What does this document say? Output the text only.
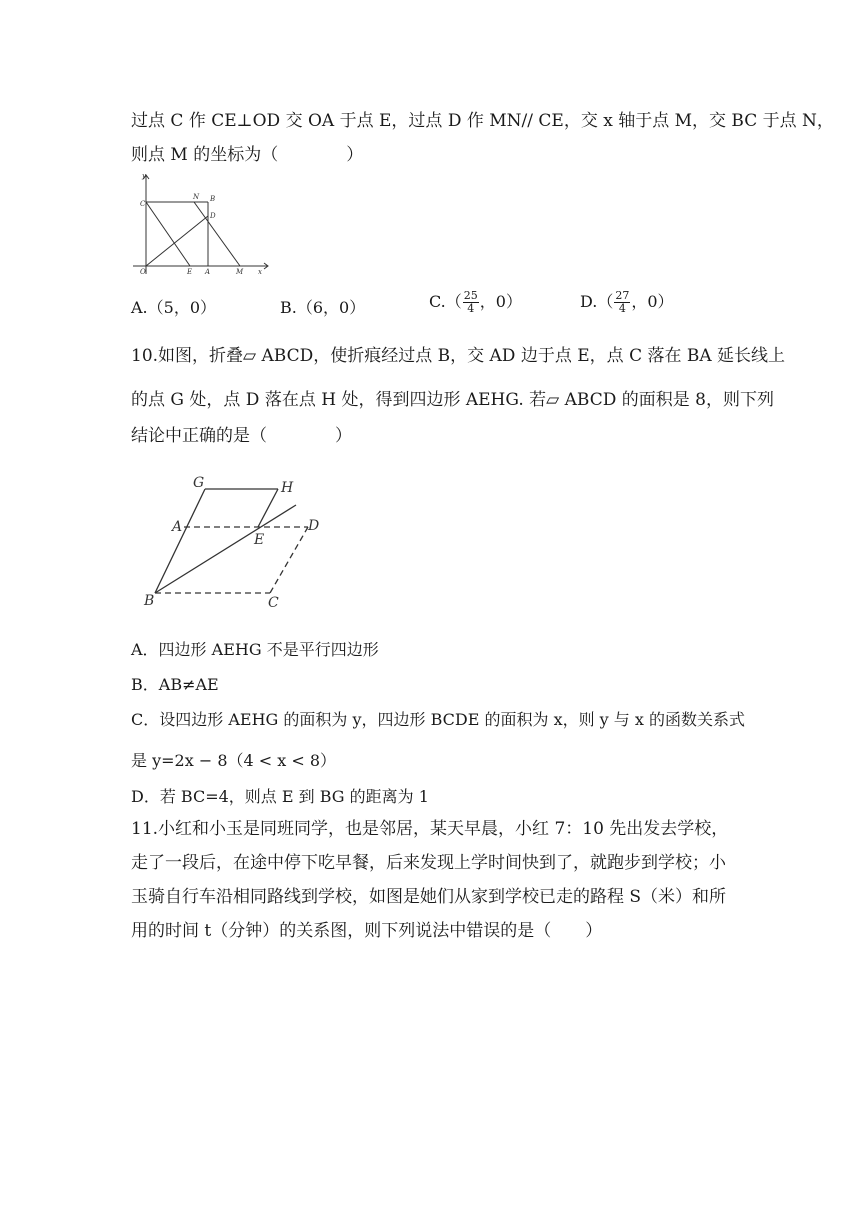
过点 C 作 CE⊥OD 交 OA 于点 E，过点 D 作 MN// CE，交 x 轴于点 M，交 BC 于点 N，
则点 M 的坐标为（　　　　）
y
x
C
N B
D
O	E A	M
A.（5，0）	B.（6，0）	$C.( \frac{25}{4}$ ，0）	$D.( \frac{27}{4}$ ，0）
10.如图，折叠▱ ABCD，使折痕经过点 B，交 AD 边于点 E，点 C 落在 BA 延长线上
的点 G 处，点 D 落在点 H 处，得到四边形 AEHG. 若▱ ABCD 的面积是 8，则下列
结论中正确的是（　　　　）
G	H
A
E
D
B	C
A．四边形 AEHG 不是平行四边形
B．AB≠AE
C．设四边形 AEHG 的面积为 y，四边形 BCDE 的面积为 x，则 y 与 x 的函数关系式
是 y=2x − 8（4 < x < 8）
D．若 BC=4，则点 E 到 BG 的距离为 1
11.小红和小玉是同班同学，也是邻居，某天早晨，小红 7：10 先出发去学校，
走了一段后，在途中停下吃早餐，后来发现上学时间快到了，就跑步到学校；小
玉骑自行车沿相同路线到学校，如图是她们从家到学校已走的路程 S（米）和所
用的时间 t（分钟）的关系图，则下列说法中错误的是（　　）
